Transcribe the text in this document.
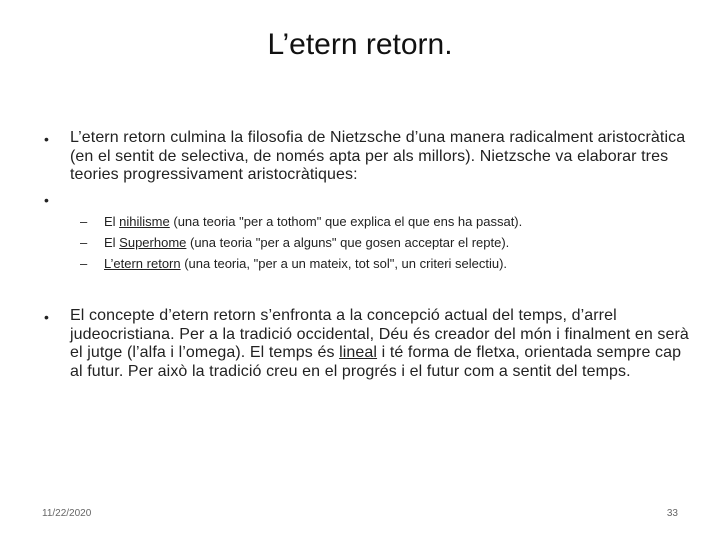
L’etern retorn.
• L’etern retorn culmina la filosofia de Nietzsche d’una manera radicalment aristocràtica (en el sentit de selectiva, de només apta per als millors). Nietzsche va elaborar tres teories progressivament aristocràtiques:
•
– El nihilisme (una teoria "per a tothom" que explica el que ens ha passat).
– El Superhome (una teoria "per a alguns" que gosen acceptar el repte).
– L’etern retorn (una teoria, "per a un mateix, tot sol", un criteri selectiu).
• El concepte d’etern retorn s’enfronta a la concepció actual del temps, d’arrel judeocristiana. Per a la tradició occidental, Déu és creador del món i finalment en serà el jutge (l’alfa i l’omega). El temps és lineal i té forma de fletxa, orientada sempre cap al futur. Per això la tradició creu en el progrés i el futur com a sentit del temps.
11/22/2020	33
